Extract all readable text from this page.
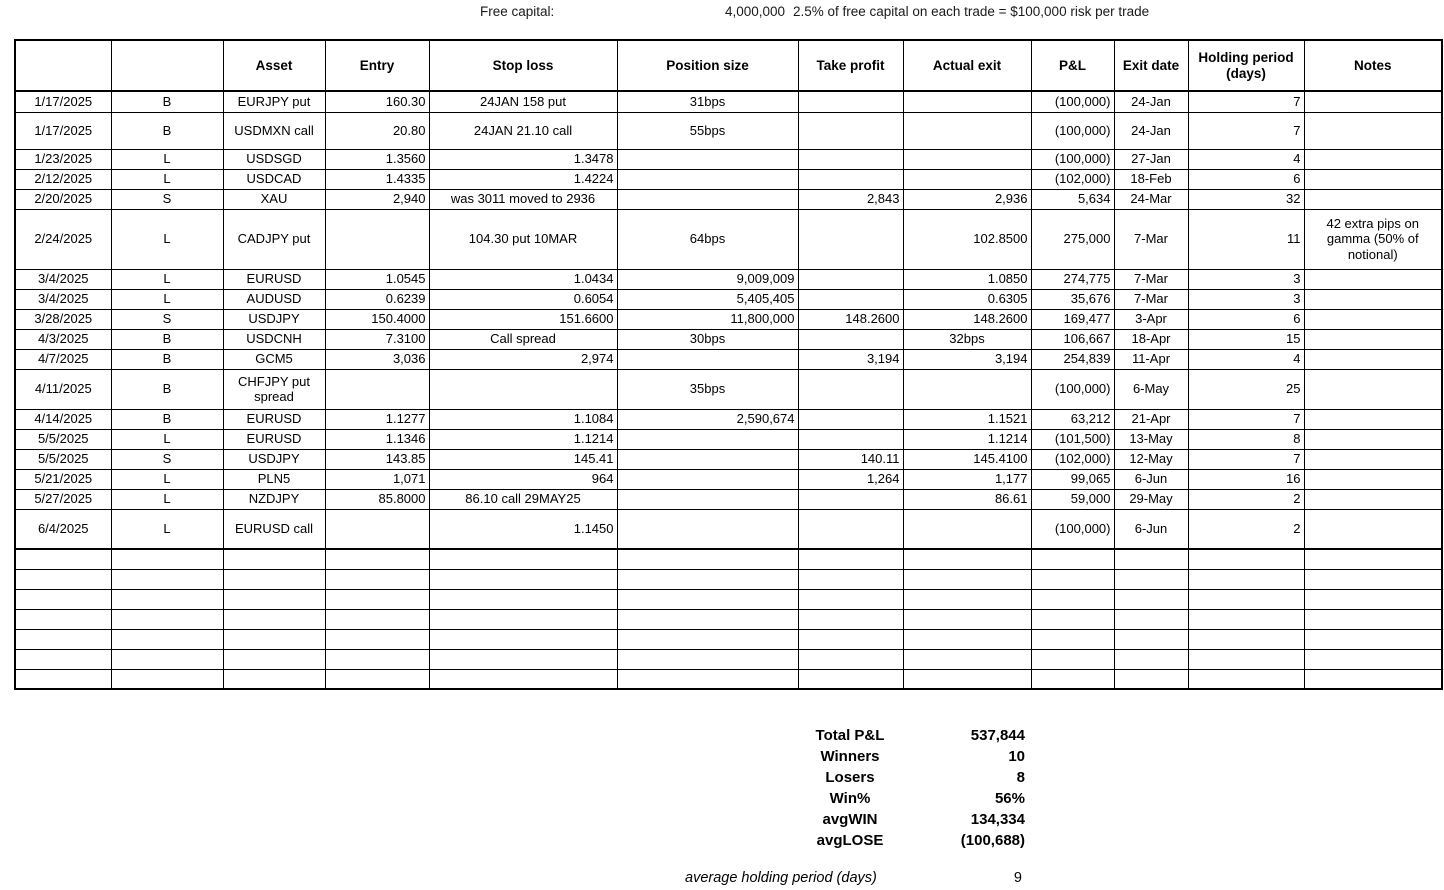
Free capital:	4,000,000 2.5% of free capital on each trade = $100,000 risk per trade
		Asset	Entry	Stop loss	Position size	Take profit	Actual exit	P&L	Exit date	Holding period (days)	Notes
1/17/2025	B	EURJPY put	160.30	24JAN 158 put	31bps			(100,000)	24-Jan	7	
1/17/2025	B	USDMXN call	20.80	24JAN 21.10 call	55bps			(100,000)	24-Jan	7	
1/23/2025	L	USDSGD	1.3560	1.3478				(100,000)	27-Jan	4	
2/12/2025	L	USDCAD	1.4335	1.4224				(102,000)	18-Feb	6	
2/20/2025	S	XAU	2,940	was 3011 moved to 2936		2,843	2,936	5,634	24-Mar	32	
2/24/2025	L	CADJPY put		104.30 put 10MAR	64bps		102.8500	275,000	7-Mar	11	42 extra pips on gamma (50% of notional)
3/4/2025	L	EURUSD	1.0545	1.0434	9,009,009		1.0850	274,775	7-Mar	3	
3/4/2025	L	AUDUSD	0.6239	0.6054	5,405,405		0.6305	35,676	7-Mar	3	
3/28/2025	S	USDJPY	150.4000	151.6600	11,800,000	148.2600	148.2600	169,477	3-Apr	6	
4/3/2025	B	USDCNH	7.3100	Call spread	30bps		32bps	106,667	18-Apr	15	
4/7/2025	B	GCM5	3,036	2,974		3,194	3,194	254,839	11-Apr	4	
4/11/2025	B	CHFJPY put spread			35bps			(100,000)	6-May	25	
4/14/2025	B	EURUSD	1.1277	1.1084	2,590,674		1.1521	63,212	21-Apr	7	
5/5/2025	L	EURUSD	1.1346	1.1214			1.1214	(101,500)	13-May	8	
5/5/2025	S	USDJPY	143.85	145.41		140.11	145.4100	(102,000)	12-May	7	
5/21/2025	L	PLN5	1,071	964		1,264	1,177	99,065	6-Jun	16	
5/27/2025	L	NZDJPY	85.8000	86.10 call 29MAY25			86.61	59,000	29-May	2	
6/4/2025	L	EURUSD call		1.1450				(100,000)	6-Jun	2	

Total P&L	537,844
Winners	10
Losers	8
Win%	56%
avgWIN	134,334
avgLOSE	(100,688)
average holding period (days)	9
